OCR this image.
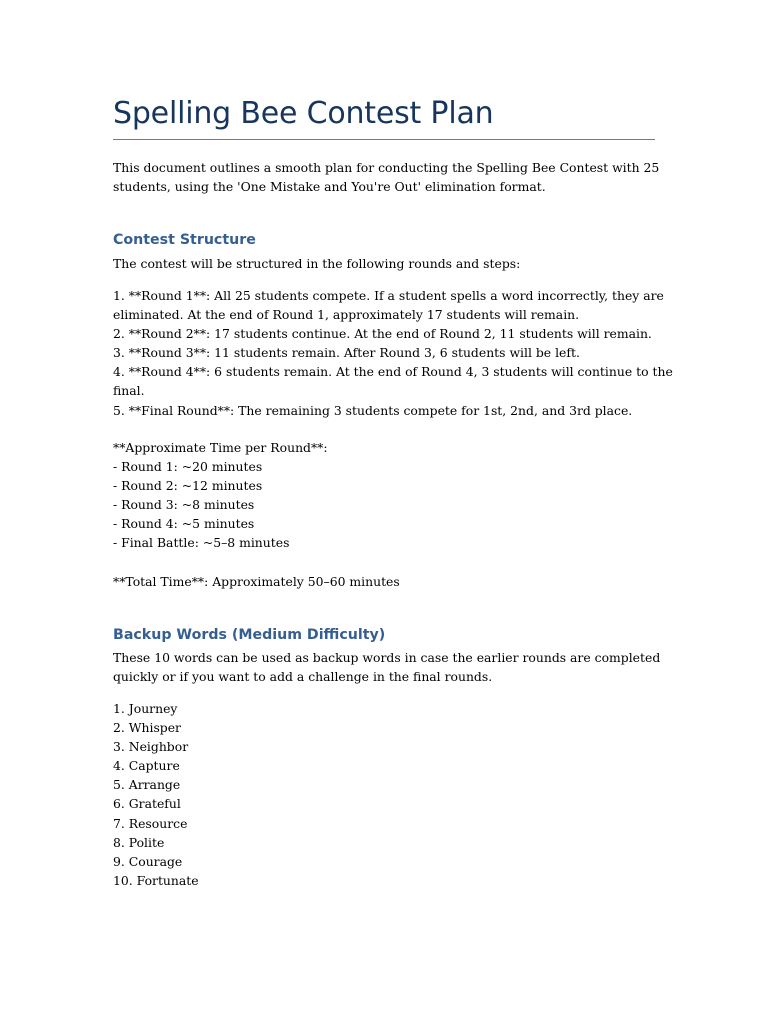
Spelling Bee Contest Plan

This document outlines a smooth plan for conducting the Spelling Bee Contest with 25
students, using the 'One Mistake and You're Out' elimination format.

Contest Structure

The contest will be structured in the following rounds and steps:

1. **Round 1**: All 25 students compete. If a student spells a word incorrectly, they are
eliminated. At the end of Round 1, approximately 17 students will remain.
2. **Round 2**: 17 students continue. At the end of Round 2, 11 students will remain.
3. **Round 3**: 11 students remain. After Round 3, 6 students will be left.
4. **Round 4**: 6 students remain. At the end of Round 4, 3 students will continue to the
final.
5. **Final Round**: The remaining 3 students compete for 1st, 2nd, and 3rd place.

**Approximate Time per Round**:
- Round 1: ~20 minutes
- Round 2: ~12 minutes
- Round 3: ~8 minutes
- Round 4: ~5 minutes
- Final Battle: ~5–8 minutes

**Total Time**: Approximately 50–60 minutes

Backup Words (Medium Difficulty)

These 10 words can be used as backup words in case the earlier rounds are completed
quickly or if you want to add a challenge in the final rounds.

1. Journey
2. Whisper
3. Neighbor
4. Capture
5. Arrange
6. Grateful
7. Resource
8. Polite
9. Courage
10. Fortunate
